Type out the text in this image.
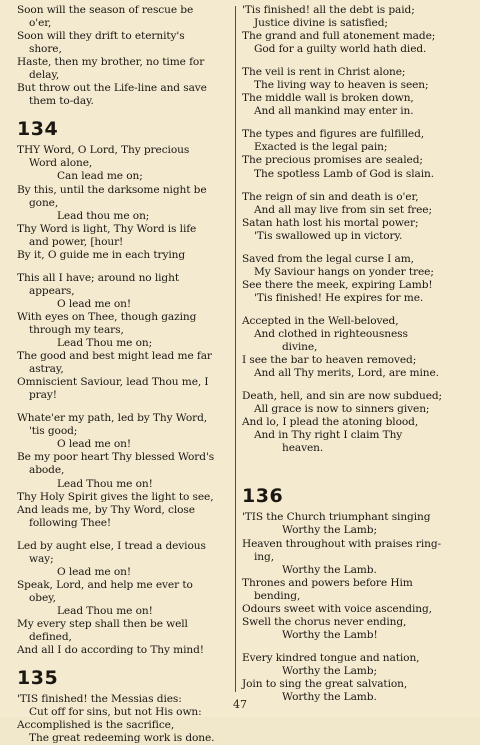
Soon will the season of rescue be
o'er,
Soon will they drift to eternity's
shore,
Haste, then my brother, no time for
delay,
But throw out the Life-line and save
them to-day.
134
THY Word, O Lord, Thy precious
Word alone,
Can lead me on;
By this, until the darksome night be
gone,
Lead thou me on;
Thy Word is light, Thy Word is life
and power, [hour!
By it, O guide me in each trying
This all I have; around no light
appears,
O lead me on!
With eyes on Thee, though gazing
through my tears,
Lead Thou me on;
The good and best might lead me far
astray,
Omniscient Saviour, lead Thou me, I
pray!
Whate'er my path, led by Thy Word,
'tis good;
O lead me on!
Be my poor heart Thy blessed Word's
abode,
Lead Thou me on!
Thy Holy Spirit gives the light to see,
And leads me, by Thy Word, close
following Thee!
Led by aught else, I tread a devious
way;
O lead me on!
Speak, Lord, and help me ever to
obey,
Lead Thou me on!
My every step shall then be well
defined,
And all I do according to Thy mind!
135
'TIS finished! the Messias dies:
Cut off for sins, but not His own:
Accomplished is the sacrifice,
The great redeeming work is done.
'Tis finished! all the debt is paid;
Justice divine is satisfied;
The grand and full atonement made;
God for a guilty world hath died.
The veil is rent in Christ alone;
The living way to heaven is seen;
The middle wall is broken down,
And all mankind may enter in.
The types and figures are fulfilled,
Exacted is the legal pain;
The precious promises are sealed;
The spotless Lamb of God is slain.
The reign of sin and death is o'er,
And all may live from sin set free;
Satan hath lost his mortal power;
'Tis swallowed up in victory.
Saved from the legal curse I am,
My Saviour hangs on yonder tree;
See there the meek, expiring Lamb!
'Tis finished! He expires for me.
Accepted in the Well-beloved,
And clothed in righteousness
divine,
I see the bar to heaven removed;
And all Thy merits, Lord, are mine.
Death, hell, and sin are now subdued;
All grace is now to sinners given;
And lo, I plead the atoning blood,
And in Thy right I claim Thy
heaven.
136
'TIS the Church triumphant singing
Worthy the Lamb;
Heaven throughout with praises ring-
ing,
Worthy the Lamb.
Thrones and powers before Him
bending,
Odours sweet with voice ascending,
Swell the chorus never ending,
Worthy the Lamb!
Every kindred tongue and nation,
Worthy the Lamb;
Join to sing the great salvation,
Worthy the Lamb.
47
